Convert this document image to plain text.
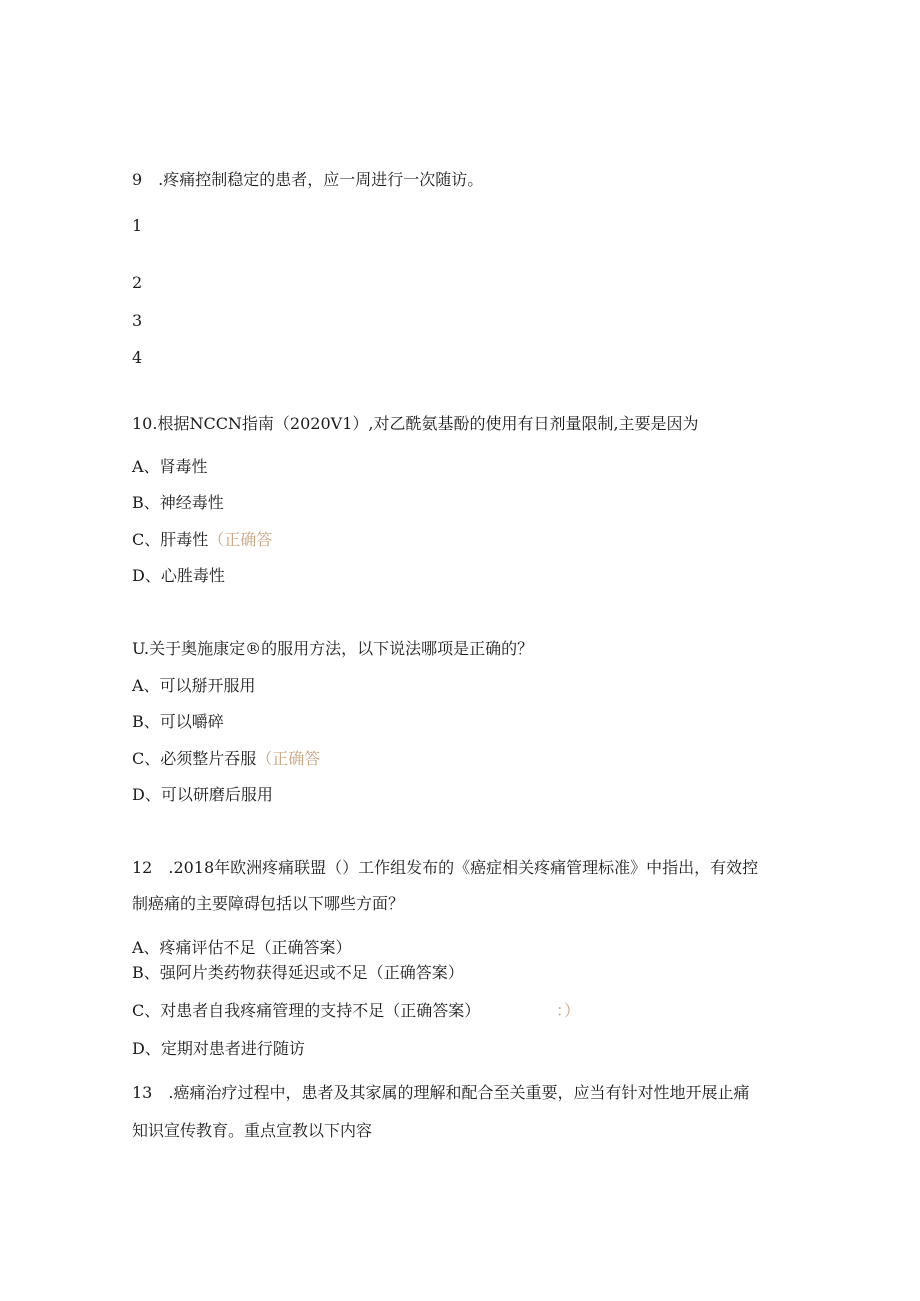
9　.疼痛控制稳定的患者，应一周进行一次随访。
1
2
3
4
10.根据NCCN指南（2020V1）,对乙酰氨基酚的使用有日剂量限制,主要是因为
A、肾毒性
B、神经毒性
C、肝毒性（正确答
D、心胜毒性
U.关于奥施康定®的服用方法，以下说法哪项是正确的？
A、可以掰开服用
B、可以嚼碎
C、必须整片吞服（正确答
D、可以研磨后服用
12　.2018年欧洲疼痛联盟（）工作组发布的《癌症相关疼痛管理标准》中指出，有效控
制癌痛的主要障碍包括以下哪些方面？
A、疼痛评估不足（正确答案）
B、强阿片类药物获得延迟或不足（正确答案）
C、对患者自我疼痛管理的支持不足（正确答案）	：）
D、定期对患者进行随访
13　.癌痛治疗过程中，患者及其家属的理解和配合至关重要，应当有针对性地开展止痛
知识宣传教育。重点宣教以下内容
